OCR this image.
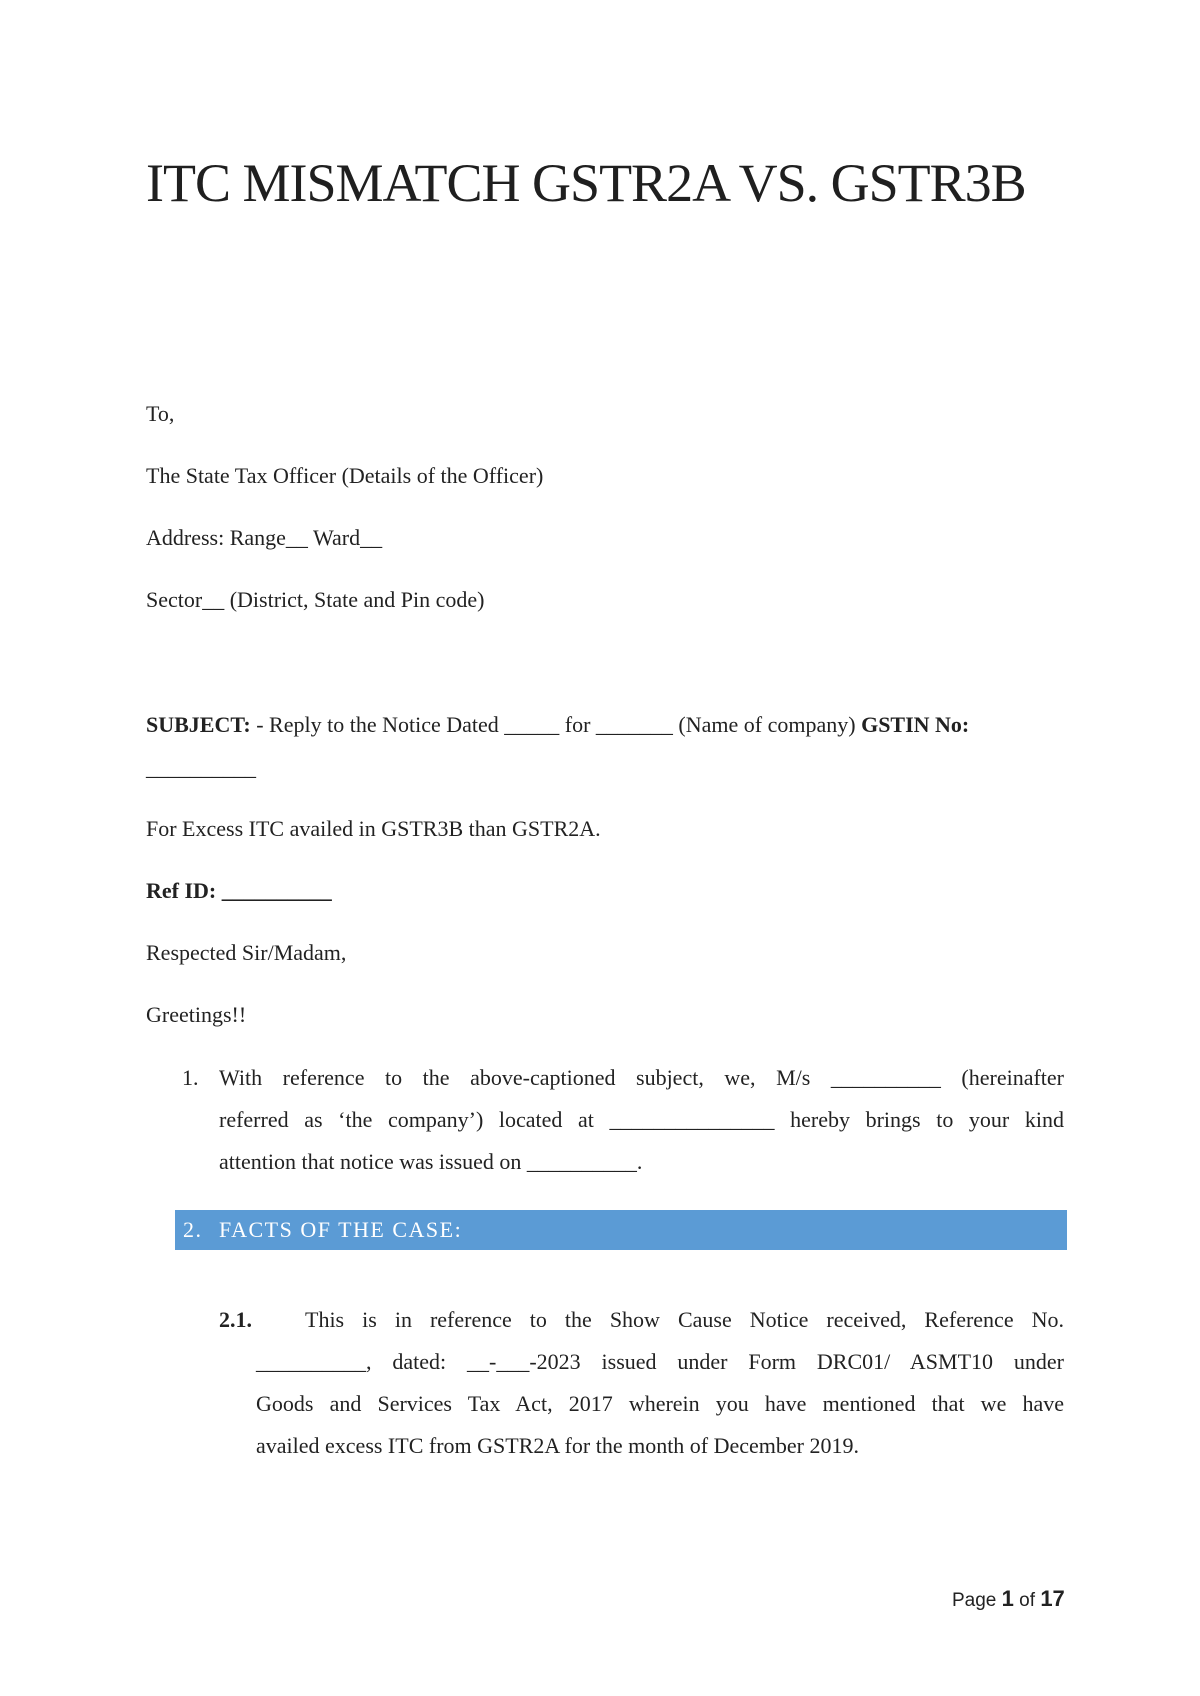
ITC MISMATCH GSTR2A VS. GSTR3B
To,
The State Tax Officer (Details of the Officer)
Address: Range__ Ward__
Sector__ (District, State and Pin code)
SUBJECT: - Reply to the Notice Dated _____ for _______ (Name of company) GSTIN No:
__________
For Excess ITC availed in GSTR3B than GSTR2A.
Ref ID: __________
Respected Sir/Madam,
Greetings!!
1. With reference to the above-captioned subject, we, M/s __________ (hereinafter
referred as ‘the company’) located at _______________ hereby brings to your kind
attention that notice was issued on __________.
2. FACTS OF THE CASE:
2.1. This is in reference to the Show Cause Notice received, Reference No.
__________, dated: __-___-2023 issued under Form DRC01/ ASMT10 under
Goods and Services Tax Act, 2017 wherein you have mentioned that we have
availed excess ITC from GSTR2A for the month of December 2019.
Page 1 of 17
